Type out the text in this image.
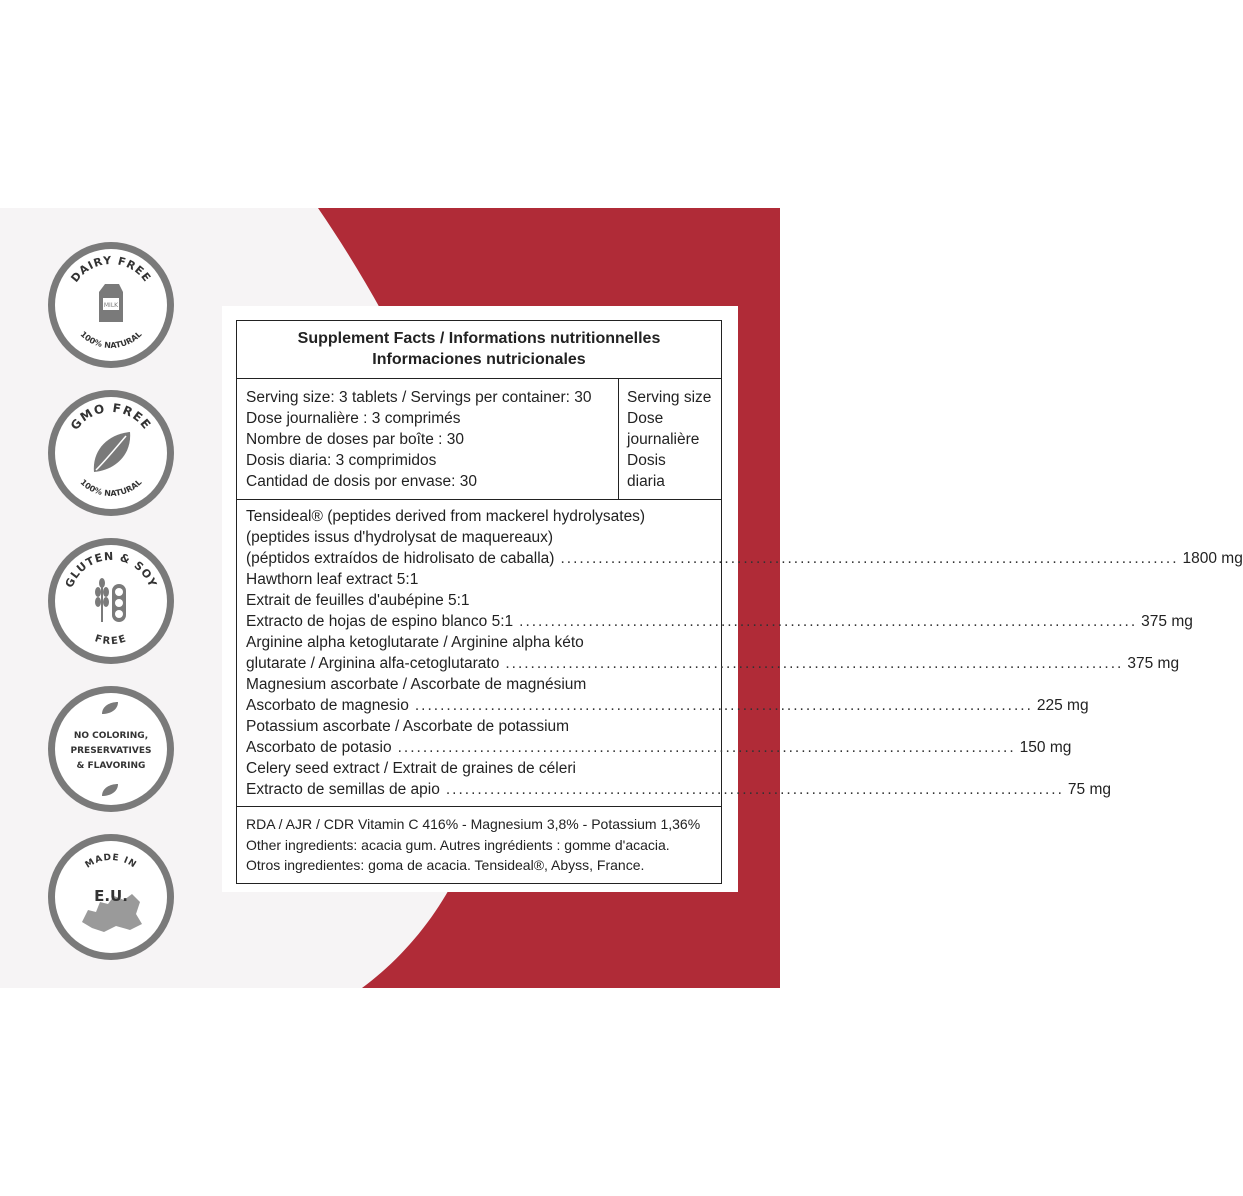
DAIRY FREE
100% NATURAL
MILK
GMO FREE
100% NATURAL
GLUTEN & SOY
FREE
NO COLORING,
PRESERVATIVES
& FLAVORING
MADE IN
E.U.
Supplement Facts / Informations nutritionnelles
Informaciones nutricionales
Serving size: 3 tablets / Servings per container: 30
Dose journalière : 3 comprimés
Nombre de doses par boîte : 30
Dosis diaria: 3 comprimidos
Cantidad de dosis por envase: 30
Serving size
Dose
journalière
Dosis
diaria
Tensideal® (peptides derived from mackerel hydrolysates)
(peptides issus d'hydrolysat de maquereaux)
(péptidos extraídos de hidrolisato de caballa) .................................................................................................. 1800 mg
Hawthorn leaf extract 5:1
Extrait de feuilles d'aubépine 5:1
Extracto de hojas de espino blanco 5:1 .................................................................................................. 375 mg
Arginine alpha ketoglutarate / Arginine alpha kéto
glutarate / Arginina alfa-cetoglutarato .................................................................................................. 375 mg
Magnesium ascorbate / Ascorbate de magnésium
Ascorbato de magnesio .................................................................................................. 225 mg
Potassium ascorbate / Ascorbate de potassium
Ascorbato de potasio .................................................................................................. 150 mg
Celery seed extract / Extrait de graines de céleri
Extracto de semillas de apio .................................................................................................. 75 mg
RDA / AJR / CDR Vitamin C 416% - Magnesium 3,8% - Potassium 1,36%
Other ingredients: acacia gum. Autres ingrédients : gomme d'acacia.
Otros ingredientes: goma de acacia. Tensideal®, Abyss, France.
